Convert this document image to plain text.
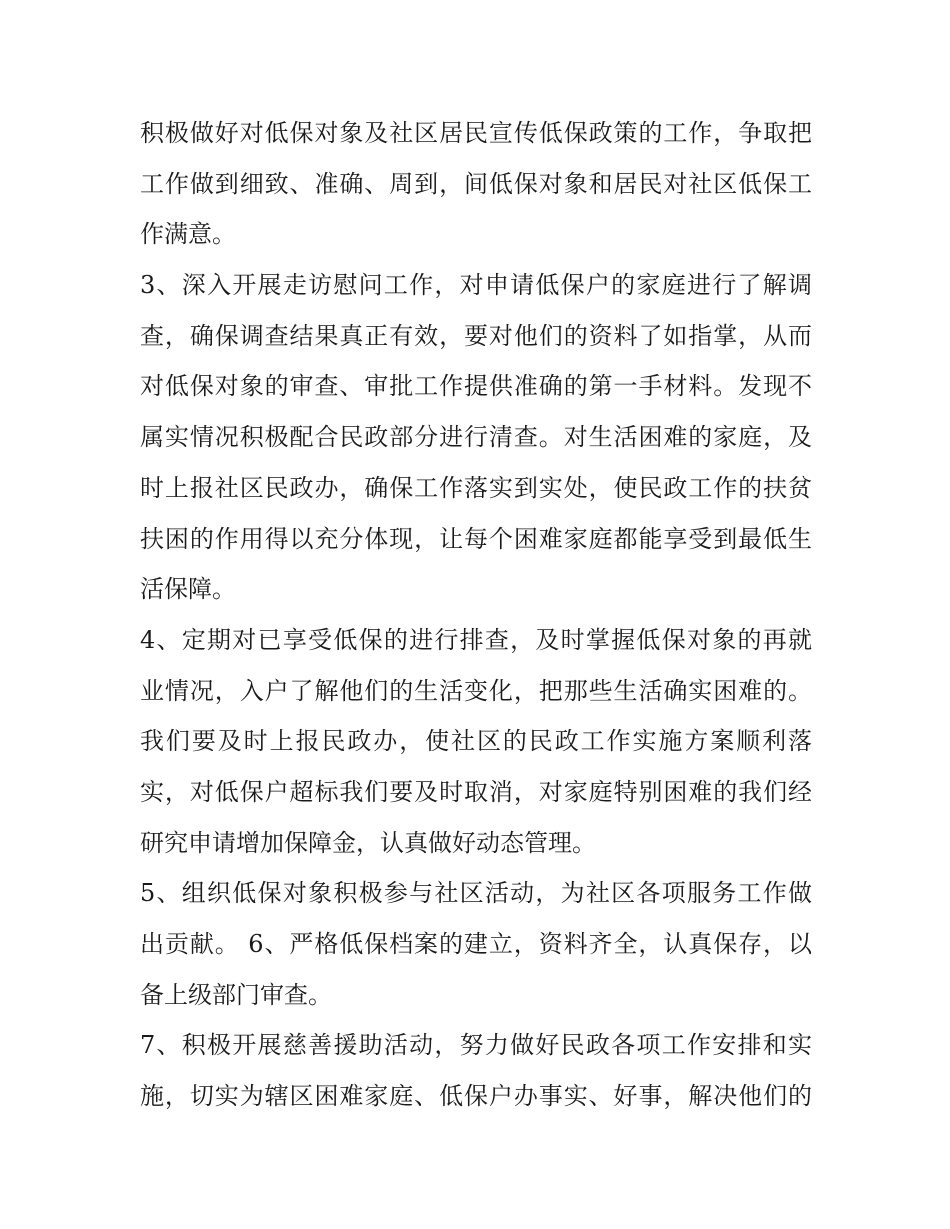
积极做好对低保对象及社区居民宣传低保政策的工作，争取把
工作做到细致、准确、周到，间低保对象和居民对社区低保工
作满意。
3、深入开展走访慰问工作，对申请低保户的家庭进行了解调
查，确保调查结果真正有效，要对他们的资料了如指掌，从而
对低保对象的审查、审批工作提供准确的第一手材料。发现不
属实情况积极配合民政部分进行清查。对生活困难的家庭，及
时上报社区民政办，确保工作落实到实处，使民政工作的扶贫
扶困的作用得以充分体现，让每个困难家庭都能享受到最低生
活保障。
4、定期对已享受低保的进行排查，及时掌握低保对象的再就
业情况，入户了解他们的生活变化，把那些生活确实困难的。
我们要及时上报民政办，使社区的民政工作实施方案顺利落
实，对低保户超标我们要及时取消，对家庭特别困难的我们经
研究申请增加保障金，认真做好动态管理。
5、组织低保对象积极参与社区活动，为社区各项服务工作做
出贡献。 6、严格低保档案的建立，资料齐全，认真保存，以
备上级部门审查。
7、积极开展慈善援助活动，努力做好民政各项工作安排和实
施，切实为辖区困难家庭、低保户办事实、好事，解决他们的
